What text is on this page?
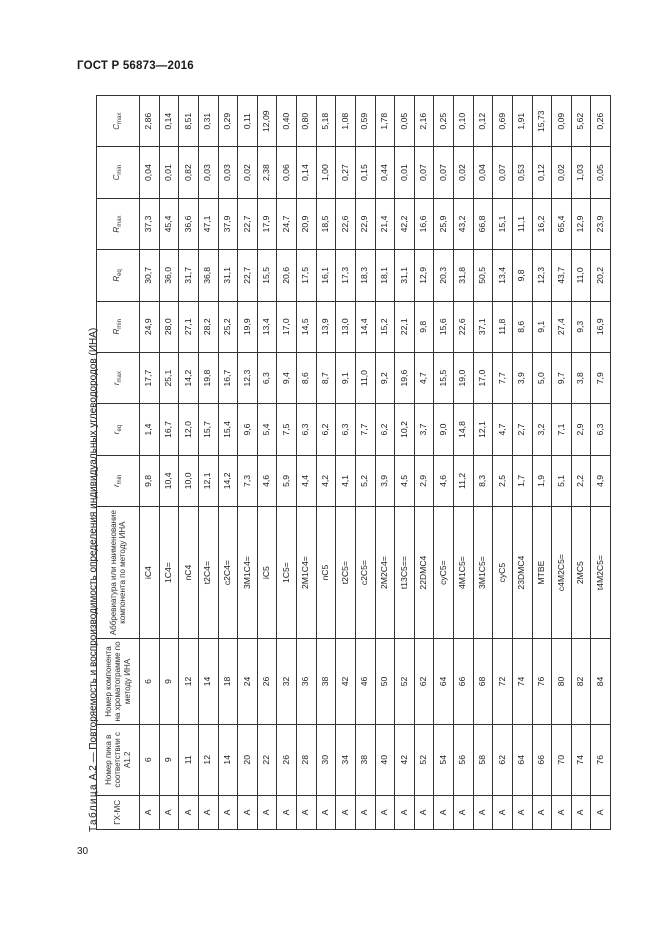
ГОСТ Р 56873—2016
Таблица А.2 — Повторяемость и воспроизводимость определения индивидуальных углеводородов (ИНА)
ГХ-МС	Номер пика в соответствии с А1.2	Номер компонента на хроматограмме по методу ИНА	Аббревиатура или наименование компонента по методу ИНА	$r_{min}$	$r_{eq}$	$r_{max}$	$R_{min}$	$R_{eq}$	$R_{max}$	$C_{min}$	$C_{max}$
A	6	6	iC4	9,8	1,4	17,7	24,9	30,7	37,3	0,04	2,86
A	9	9	1C4=	10,4	16,7	25,1	28,0	36,0	45,4	0,01	0,14
A	11	12	nC4	10,0	12,0	14,2	27,1	31,7	36,6	0,82	8,51
A	12	14	t2C4=	12,1	15,7	19,8	28,2	36,8	47,1	0,03	0,31
A	14	18	c2C4=	14,2	15,4	16,7	25,2	31,1	37,9	0,03	0,29
A	20	24	3M1C4=	7,3	9,6	12,3	19,9	22,7	22,7	0,02	0,11
A	22	26	iC5	4,6	5,4	6,3	13,4	15,5	17,9	2,38	12,09
A	26	32	1C5=	5,9	7,5	9,4	17,0	20,6	24,7	0,06	0,40
A	28	36	2M1C4=	4,4	6,3	8,6	14,5	17,5	20,9	0,14	0,80
A	30	38	nC5	4,2	6,2	8,7	13,9	16,1	18,5	1,00	5,18
A	34	42	t2C5=	4,1	6,3	9,1	13,0	17,3	22,6	0,27	1,08
A	38	46	c2C5=	5,2	7,7	11,0	14,4	18,3	22,9	0,15	0,59
A	40	50	2M2C4=	3,9	6,2	9,2	15,2	18,1	21,4	0,44	1,78
A	42	52	t13C5==	4,5	10,2	19,6	22,1	31,1	42,2	0,01	0,05
A	52	62	22DMC4	2,9	3,7	4,7	9,8	12,9	16,6	0,07	2,16
A	54	64	cyC5=	4,6	9,0	15,5	15,6	20,3	25,9	0,07	0,25
A	56	66	4M1C5=	11,2	14,8	19,0	22,6	31,8	43,2	0,02	0,10
A	58	68	3M1C5=	8,3	12,1	17,0	37,1	50,5	66,8	0,04	0,12
A	62	72	cyC5	2,5	4,7	7,7	11,8	13,4	15,1	0,07	0,69
A	64	74	23DMC4	1,7	2,7	3,9	8,6	9,8	11,1	0,53	1,91
A	66	76	MTBE	1,9	3,2	5,0	9,1	12,3	16,2	0,12	15,73
A	70	80	c4M2C5=	5,1	7,1	9,7	27,4	43,7	65,4	0,02	0,09
A	74	82	2MC5	2,2	2,9	3,8	9,3	11,0	12,9	1,03	5,62
A	76	84	t4M2C5=	4,9	6,3	7,9	16,9	20,2	23,9	0,05	0,26
30
